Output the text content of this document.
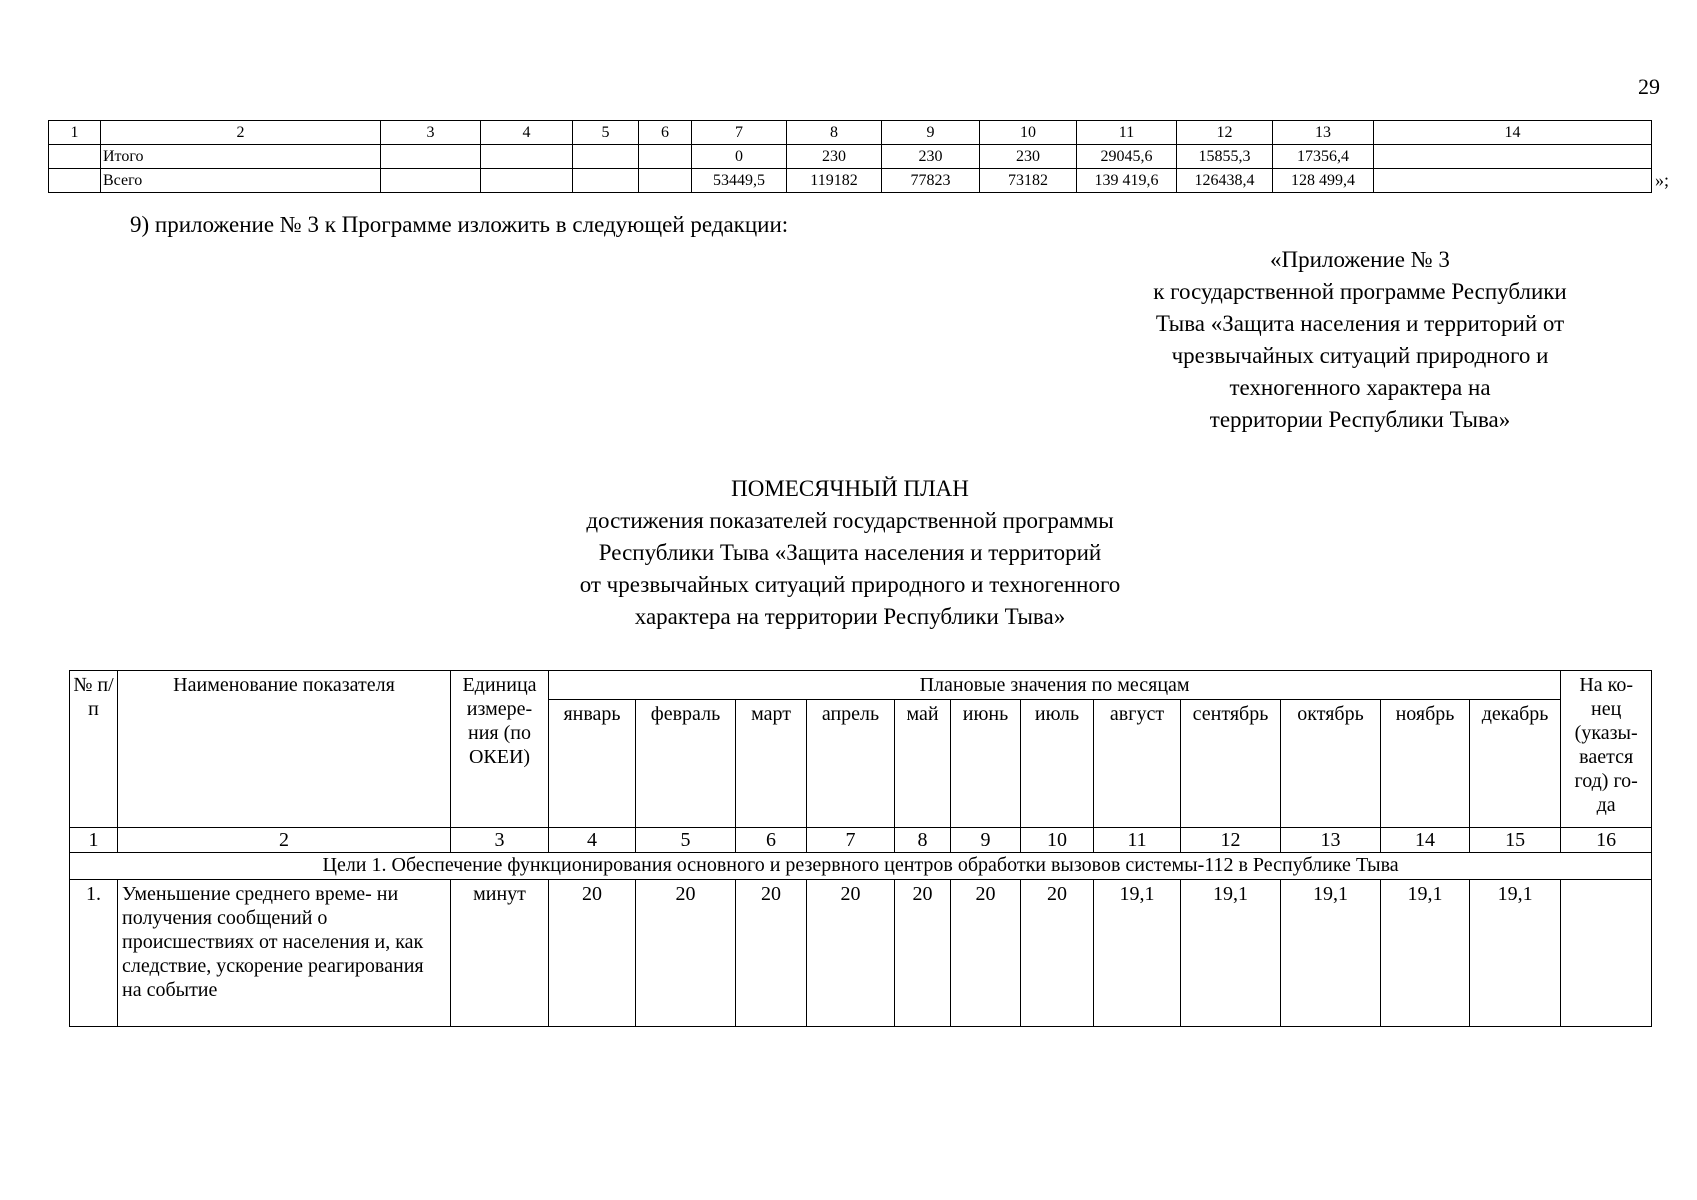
29
1	2	3	4	5	6	7	8	9	10	11	12	13	14
	Итого					0	230	230	230	29045,6	15855,3	17356,4	
	Всего					53449,5	119182	77823	73182	139 419,6	126438,4	128 499,4		»;
9) приложение № 3 к Программе изложить в следующей редакции:
«Приложение № 3
к государственной программе Республики
Тыва «Защита населения и территорий от
чрезвычайных ситуаций природного и
техногенного характера на
территории Республики Тыва»
ПОМЕСЯЧНЫЙ ПЛАН
достижения показателей государственной программы
Республики Тыва «Защита населения и территорий
от чрезвычайных ситуаций природного и техногенного
характера на территории Республики Тыва»
№ п/п	Наименование показателя	Единица измере- ния (по ОКЕИ)	Плановые значения по месяцам												На ко- нец (указы- вается год) го- да
			январь	февраль	март	апрель	май	июнь	июль	август	сентябрь	октябрь	ноябрь	декабрь	
1	2	3	4	5	6	7	8	9	10	11	12	13	14	15	16
Цели 1. Обеспечение функционирования основного и резервного центров обработки вызовов системы-112 в Республике Тыва															
1.	Уменьшение среднего време- ни получения сообщений о происшествиях от населения и, как следствие, ускорение реагирования на событие	минут	20	20	20	20	20	20	20	19,1	19,1	19,1	19,1	19,1	
